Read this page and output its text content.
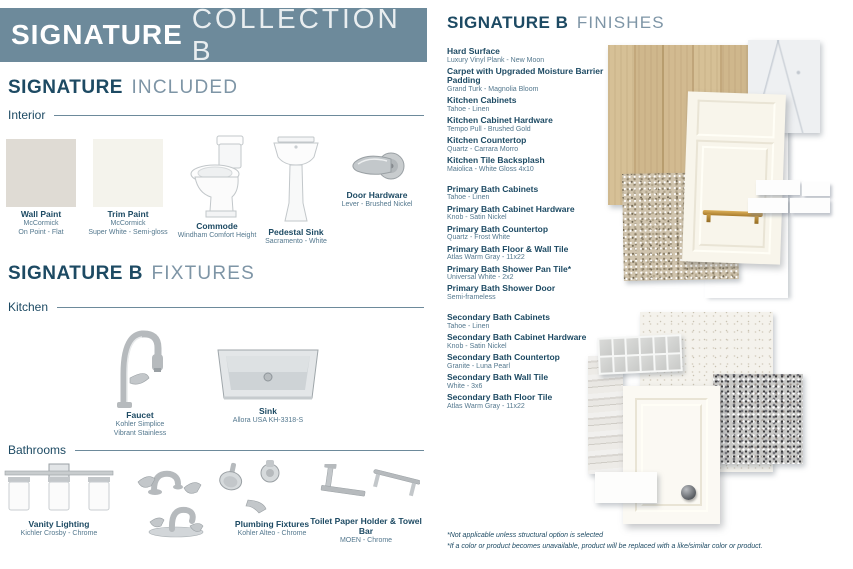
SIGNATURE
COLLECTION B
SIGNATURE INCLUDED
Interior
Wall Paint
McCormick
On Point - Flat
Trim Paint
McCormick
Super White - Semi-gloss
Commode
Windham Comfort Height	Pedestal Sink
Sacramento - White
Door Hardware
Lever - Brushed Nickel
SIGNATURE B FIXTURES
Kitchen
Faucet
Kohler Simplice
Vibrant Stainless
Sink
Allora USA KH-3318-S
Bathrooms
Vanity Lighting
Kichler Crosby - Chrome
Plumbing Fixtures
Kohler Alteo - Chrome
Toilet Paper Holder & Towel Bar
MOEN - Chrome
SIGNATURE B FINISHES
Hard Surface
Luxury Vinyl Plank - New Moon
Carpet with Upgraded Moisture Barrier Padding
Grand Turk - Magnolia Bloom
Kitchen Cabinets
Tahoe - Linen
Kitchen Cabinet Hardware
Tempo Pull - Brushed Gold
Kitchen Countertop
Quartz - Carrara Morro
Kitchen Tile Backsplash
Maiolica - White Gloss 4x10
Primary Bath Cabinets
Tahoe - Linen
Primary Bath Cabinet Hardware
Knob - Satin Nickel
Primary Bath Countertop
Quartz - Frost White
Primary Bath Floor & Wall Tile
Atlas Warm Gray - 11x22
Primary Bath Shower Pan Tile*
Universal White - 2x2
Primary Bath Shower Door
Semi-frameless
Secondary Bath Cabinets
Tahoe - Linen
Secondary Bath Cabinet Hardware
Knob - Satin Nickel
Secondary Bath Countertop
Granite - Luna Pearl
Secondary Bath Wall Tile
White - 3x6
Secondary Bath Floor Tile
Atlas Warm Gray - 11x22
*Not applicable unless structural option is selected
*If a color or product becomes unavailable, product will be replaced with a like/similar color or product.
